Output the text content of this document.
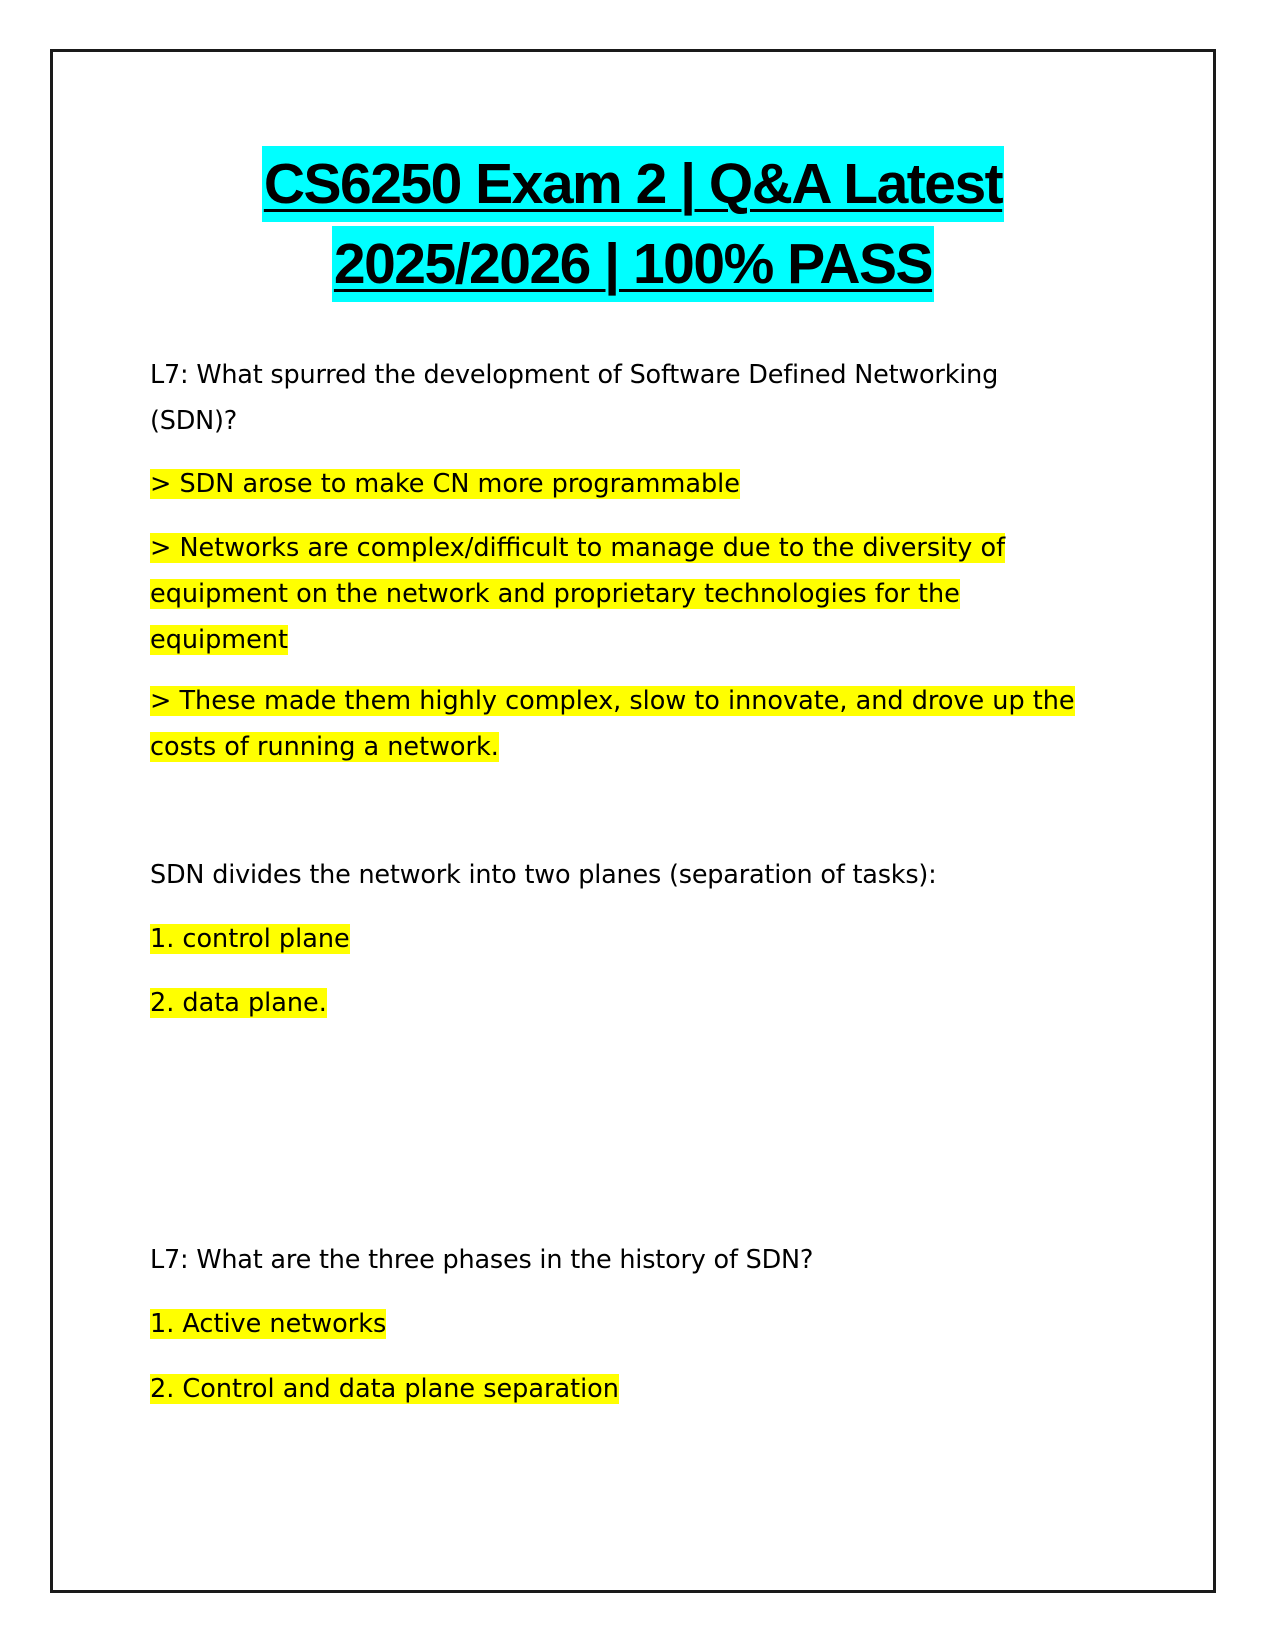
CS6250 Exam 2 | Q&A Latest
2025/2026 | 100% PASS

L7: What spurred the development of Software Defined Networking
(SDN)?

> SDN arose to make CN more programmable

> Networks are complex/difficult to manage due to the diversity of
equipment on the network and proprietary technologies for the
equipment

> These made them highly complex, slow to innovate, and drove up the
costs of running a network.

SDN divides the network into two planes (separation of tasks):

1. control plane

2. data plane.

L7: What are the three phases in the history of SDN?

1. Active networks

2. Control and data plane separation
